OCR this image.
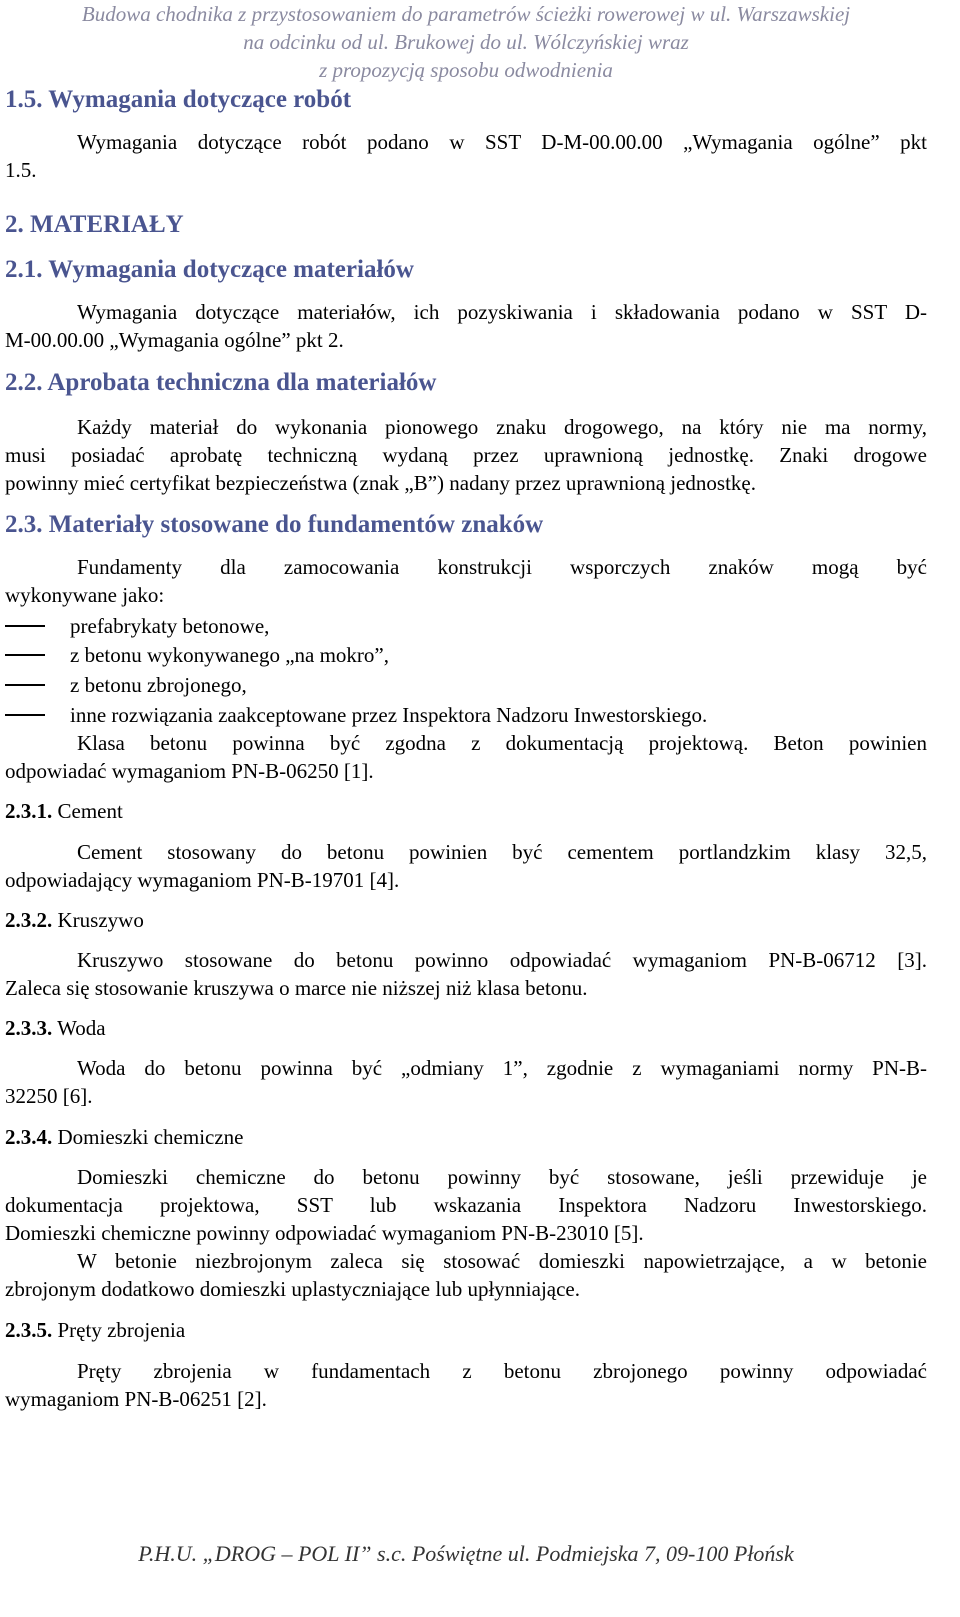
Budowa chodnika z przystosowaniem do parametrów ścieżki rowerowej w ul. Warszawskiej
na odcinku od ul. Brukowej do ul. Wólczyńskiej wraz
z propozycją sposobu odwodnienia
1.5. Wymagania dotyczące robót
Wymagania dotyczące robót podano w SST D-M-00.00.00 „Wymagania ogólne” pkt
1.5.
2. MATERIAŁY
2.1. Wymagania dotyczące materiałów
Wymagania dotyczące materiałów, ich pozyskiwania i składowania podano w SST D-
M-00.00.00 „Wymagania ogólne” pkt 2.
2.2. Aprobata techniczna dla materiałów
Każdy materiał do wykonania pionowego znaku drogowego, na który nie ma normy,
musi posiadać aprobatę techniczną wydaną przez uprawnioną jednostkę. Znaki drogowe
powinny mieć certyfikat bezpieczeństwa (znak „B”) nadany przez uprawnioną jednostkę.
2.3. Materiały stosowane do fundamentów znaków
Fundamenty dla zamocowania konstrukcji wsporczych znaków mogą być
wykonywane jako:
prefabrykaty betonowe,
z betonu wykonywanego „na mokro”,
z betonu zbrojonego,
inne rozwiązania zaakceptowane przez Inspektora Nadzoru Inwestorskiego.
Klasa betonu powinna być zgodna z dokumentacją projektową. Beton powinien
odpowiadać wymaganiom PN-B-06250 [1].
2.3.1. Cement
Cement stosowany do betonu powinien być cementem portlandzkim klasy 32,5,
odpowiadający wymaganiom PN-B-19701 [4].
2.3.2. Kruszywo
Kruszywo stosowane do betonu powinno odpowiadać wymaganiom PN-B-06712 [3].
Zaleca się stosowanie kruszywa o marce nie niższej niż klasa betonu.
2.3.3. Woda
Woda do betonu powinna być „odmiany 1”, zgodnie z wymaganiami normy PN-B-
32250 [6].
2.3.4. Domieszki chemiczne
Domieszki chemiczne do betonu powinny być stosowane, jeśli przewiduje je
dokumentacja projektowa, SST lub wskazania Inspektora Nadzoru Inwestorskiego.
Domieszki chemiczne powinny odpowiadać wymaganiom PN-B-23010 [5].
W betonie niezbrojonym zaleca się stosować domieszki napowietrzające, a w betonie
zbrojonym dodatkowo domieszki uplastyczniające lub upłynniające.
2.3.5. Pręty zbrojenia
Pręty zbrojenia w fundamentach z betonu zbrojonego powinny odpowiadać
wymaganiom PN-B-06251 [2].
P.H.U. „DROG – POL II” s.c. Poświętne ul. Podmiejska 7, 09-100 Płońsk
